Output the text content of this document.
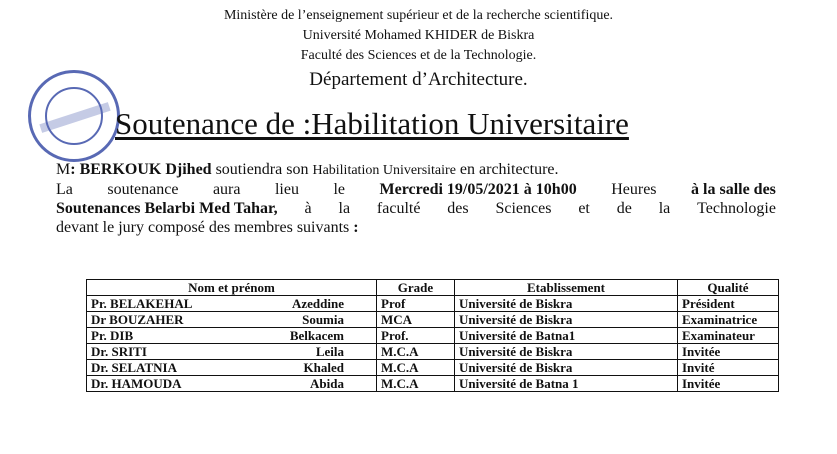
Ministère de l’enseignement supérieur et de la recherche scientifique.
Université Mohamed KHIDER de Biskra
Faculté des Sciences et de la Technologie.
Département d’Architecture.
Soutenance de :Habilitation Universitaire
M: BERKOUK Djihed soutiendra son Habilitation Universitaire en architecture.
La soutenance aura lieu le Mercredi 19/05/2021 à 10h00 Heures à la salle des
Soutenances Belarbi Med Tahar, à la faculté des Sciences et de la Technologie
devant le jury composé des membres suivants :
Nom et prénom	Grade	Etablissement	Qualité

Pr. BELAKEHAL Azeddine	Prof	Université de Biskra	Président

Dr BOUZAHER Soumia	MCA	Université de Biskra	Examinatrice

Pr. DIB Belkacem	Prof.	Université de Batna1	Examinateur

Dr. SRITI Leila	M.C.A	Université de Biskra	Invitée

Dr. SELATNIA Khaled	M.C.A	Université de Biskra	Invité

Dr. HAMOUDA Abida	M.C.A	Université de Batna 1	Invitée
